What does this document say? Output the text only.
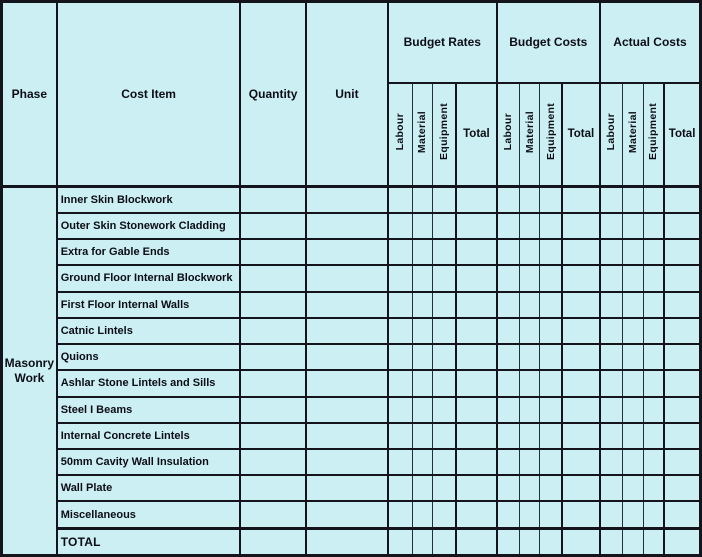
Phase	Cost Item	Quantity	Unit	Budget Rates				Budget Costs				Actual Costs			
				Labour	Material	Equipment	Total	Labour	Material	Equipment	Total	Labour	Material	Equipment	Total
Masonry Work	Inner Skin Blockwork														
	Outer Skin Stonework Cladding														
	Extra for Gable Ends														
	Ground Floor Internal Blockwork														
	First Floor Internal Walls														
	Catnic Lintels														
	Quions														
	Ashlar Stone Lintels and Sills														
	Steel I Beams														
	Internal Concrete Lintels														
	50mm Cavity Wall Insulation														
	Wall Plate														
	Miscellaneous														
	TOTAL														
